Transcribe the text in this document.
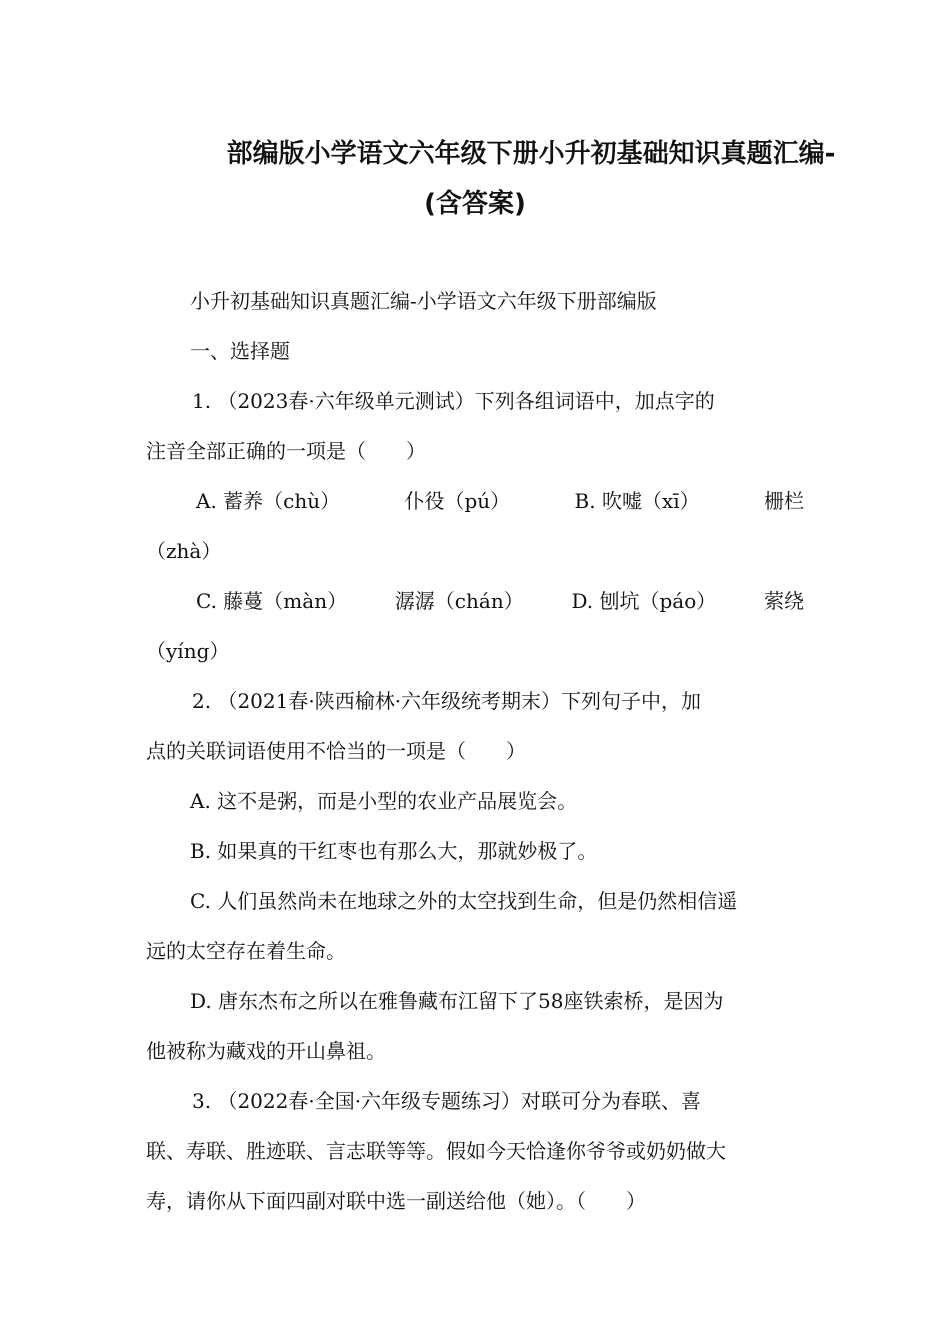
部编版小学语文六年级下册小升初基础知识真题汇编-
(含答案)
小升初基础知识真题汇编-小学语文六年级下册部编版
一、选择题
1. （2023春·六年级单元测试）下列各组词语中，加点字的
注音全部正确的一项是（　　）
A. 蓄养（chù）	仆役（pú）	B. 吹嘘（xī）	栅栏
（zhà）
C. 藤蔓（màn） 潺潺（chán） D. 刨坑（páo） 萦绕
（yíng）
2. （2021春·陕西榆林·六年级统考期末）下列句子中，加
点的关联词语使用不恰当的一项是（　　）
A. 这不是粥，而是小型的农业产品展览会。
B. 如果真的干红枣也有那么大，那就妙极了。
C. 人们虽然尚未在地球之外的太空找到生命，但是仍然相信遥
远的太空存在着生命。
D. 唐东杰布之所以在雅鲁藏布江留下了58座铁索桥，是因为
他被称为藏戏的开山鼻祖。
3. （2022春·全国·六年级专题练习）对联可分为春联、喜
联、寿联、胜迹联、言志联等等。假如今天恰逢你爷爷或奶奶做大
寿，请你从下面四副对联中选一副送给他（她）。（　　）
